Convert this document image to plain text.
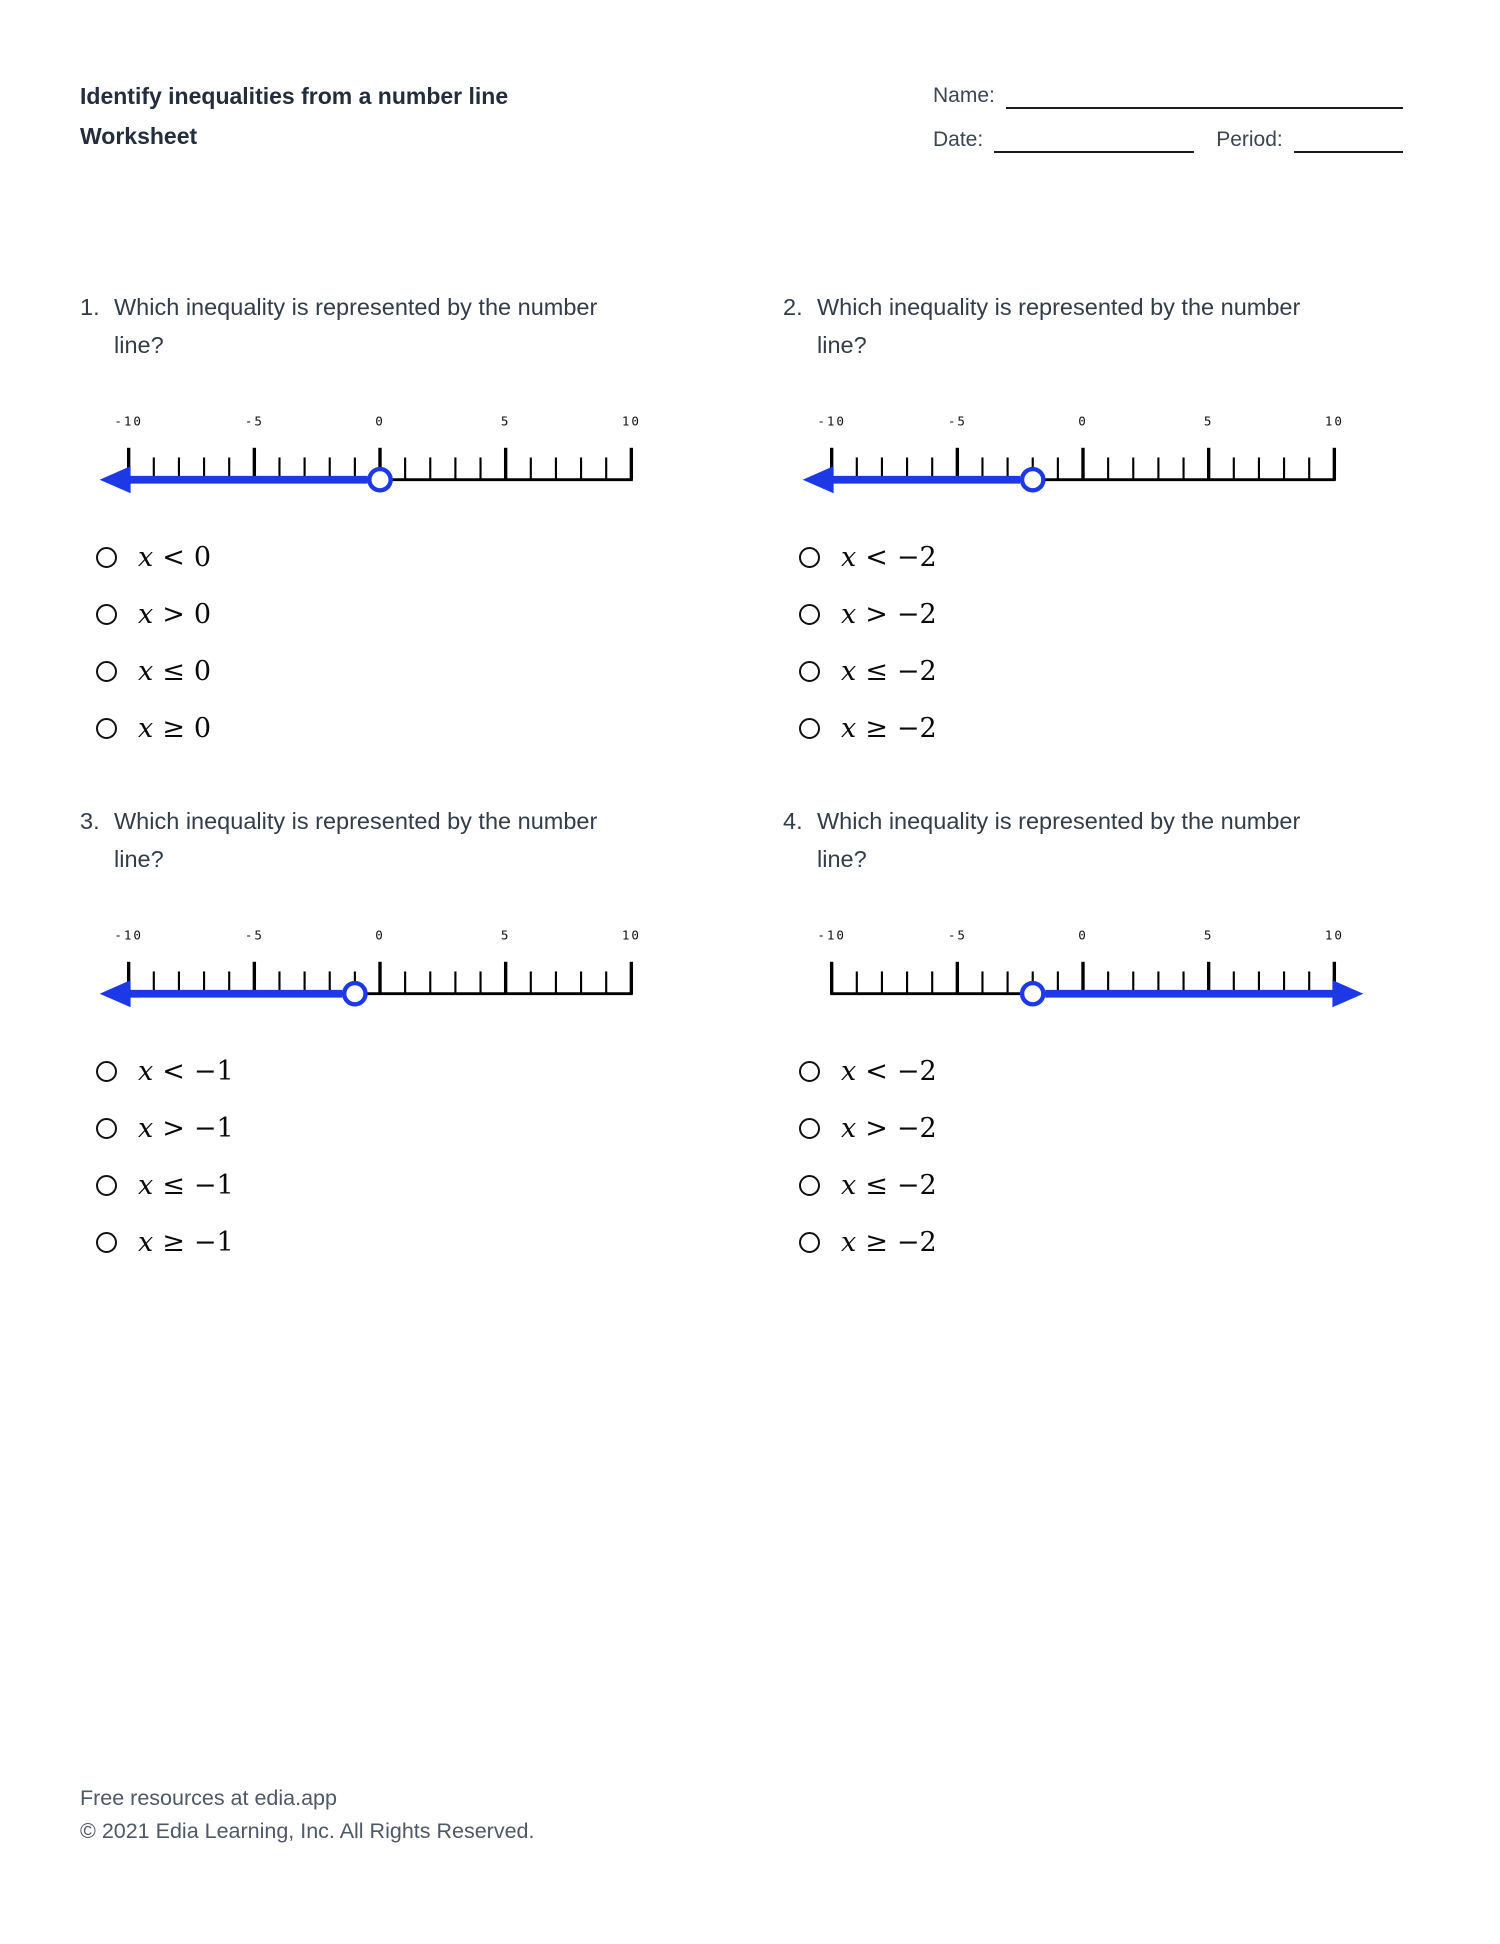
Identify inequalities from a number line
Worksheet
Name:
Date:	Period:
1. Which inequality is represented by the number line?
-10	-5	0	5	10
x < 0
x > 0
x ≤ 0
x ≥ 0
2. Which inequality is represented by the number line?
-10	-5	0	5	10
x < −2
x > −2
x ≤ −2
x ≥ −2
3. Which inequality is represented by the number line?
-10	-5	0	5	10
x < −1
x > −1
x ≤ −1
x ≥ −1
4. Which inequality is represented by the number line?
-10	-5	0	5	10
x < −2
x > −2
x ≤ −2
x ≥ −2
Free resources at edia.app
© 2021 Edia Learning, Inc. All Rights Reserved.
